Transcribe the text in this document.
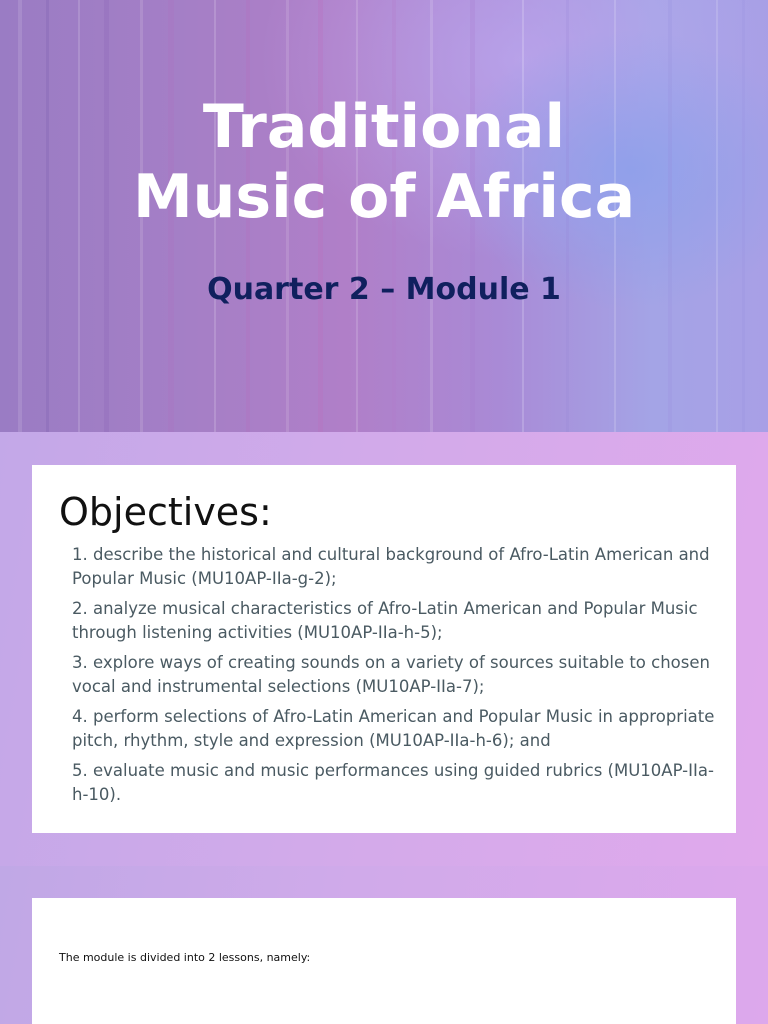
Traditional
Music of Africa
Quarter 2 – Module 1
Objectives:
1. describe the historical and cultural background of Afro-Latin American and Popular Music (MU10AP-IIa-g-2);
2. analyze musical characteristics of Afro-Latin American and Popular Music through listening activities (MU10AP-IIa-h-5);
3. explore ways of creating sounds on a variety of sources suitable to chosen vocal and instrumental selections (MU10AP-IIa-7);
4. perform selections of Afro-Latin American and Popular Music in appropriate pitch, rhythm, style and expression (MU10AP-IIa-h-6); and
5. evaluate music and music performances using guided rubrics (MU10AP-IIa-h-10).
The module is divided into 2 lessons, namely:
